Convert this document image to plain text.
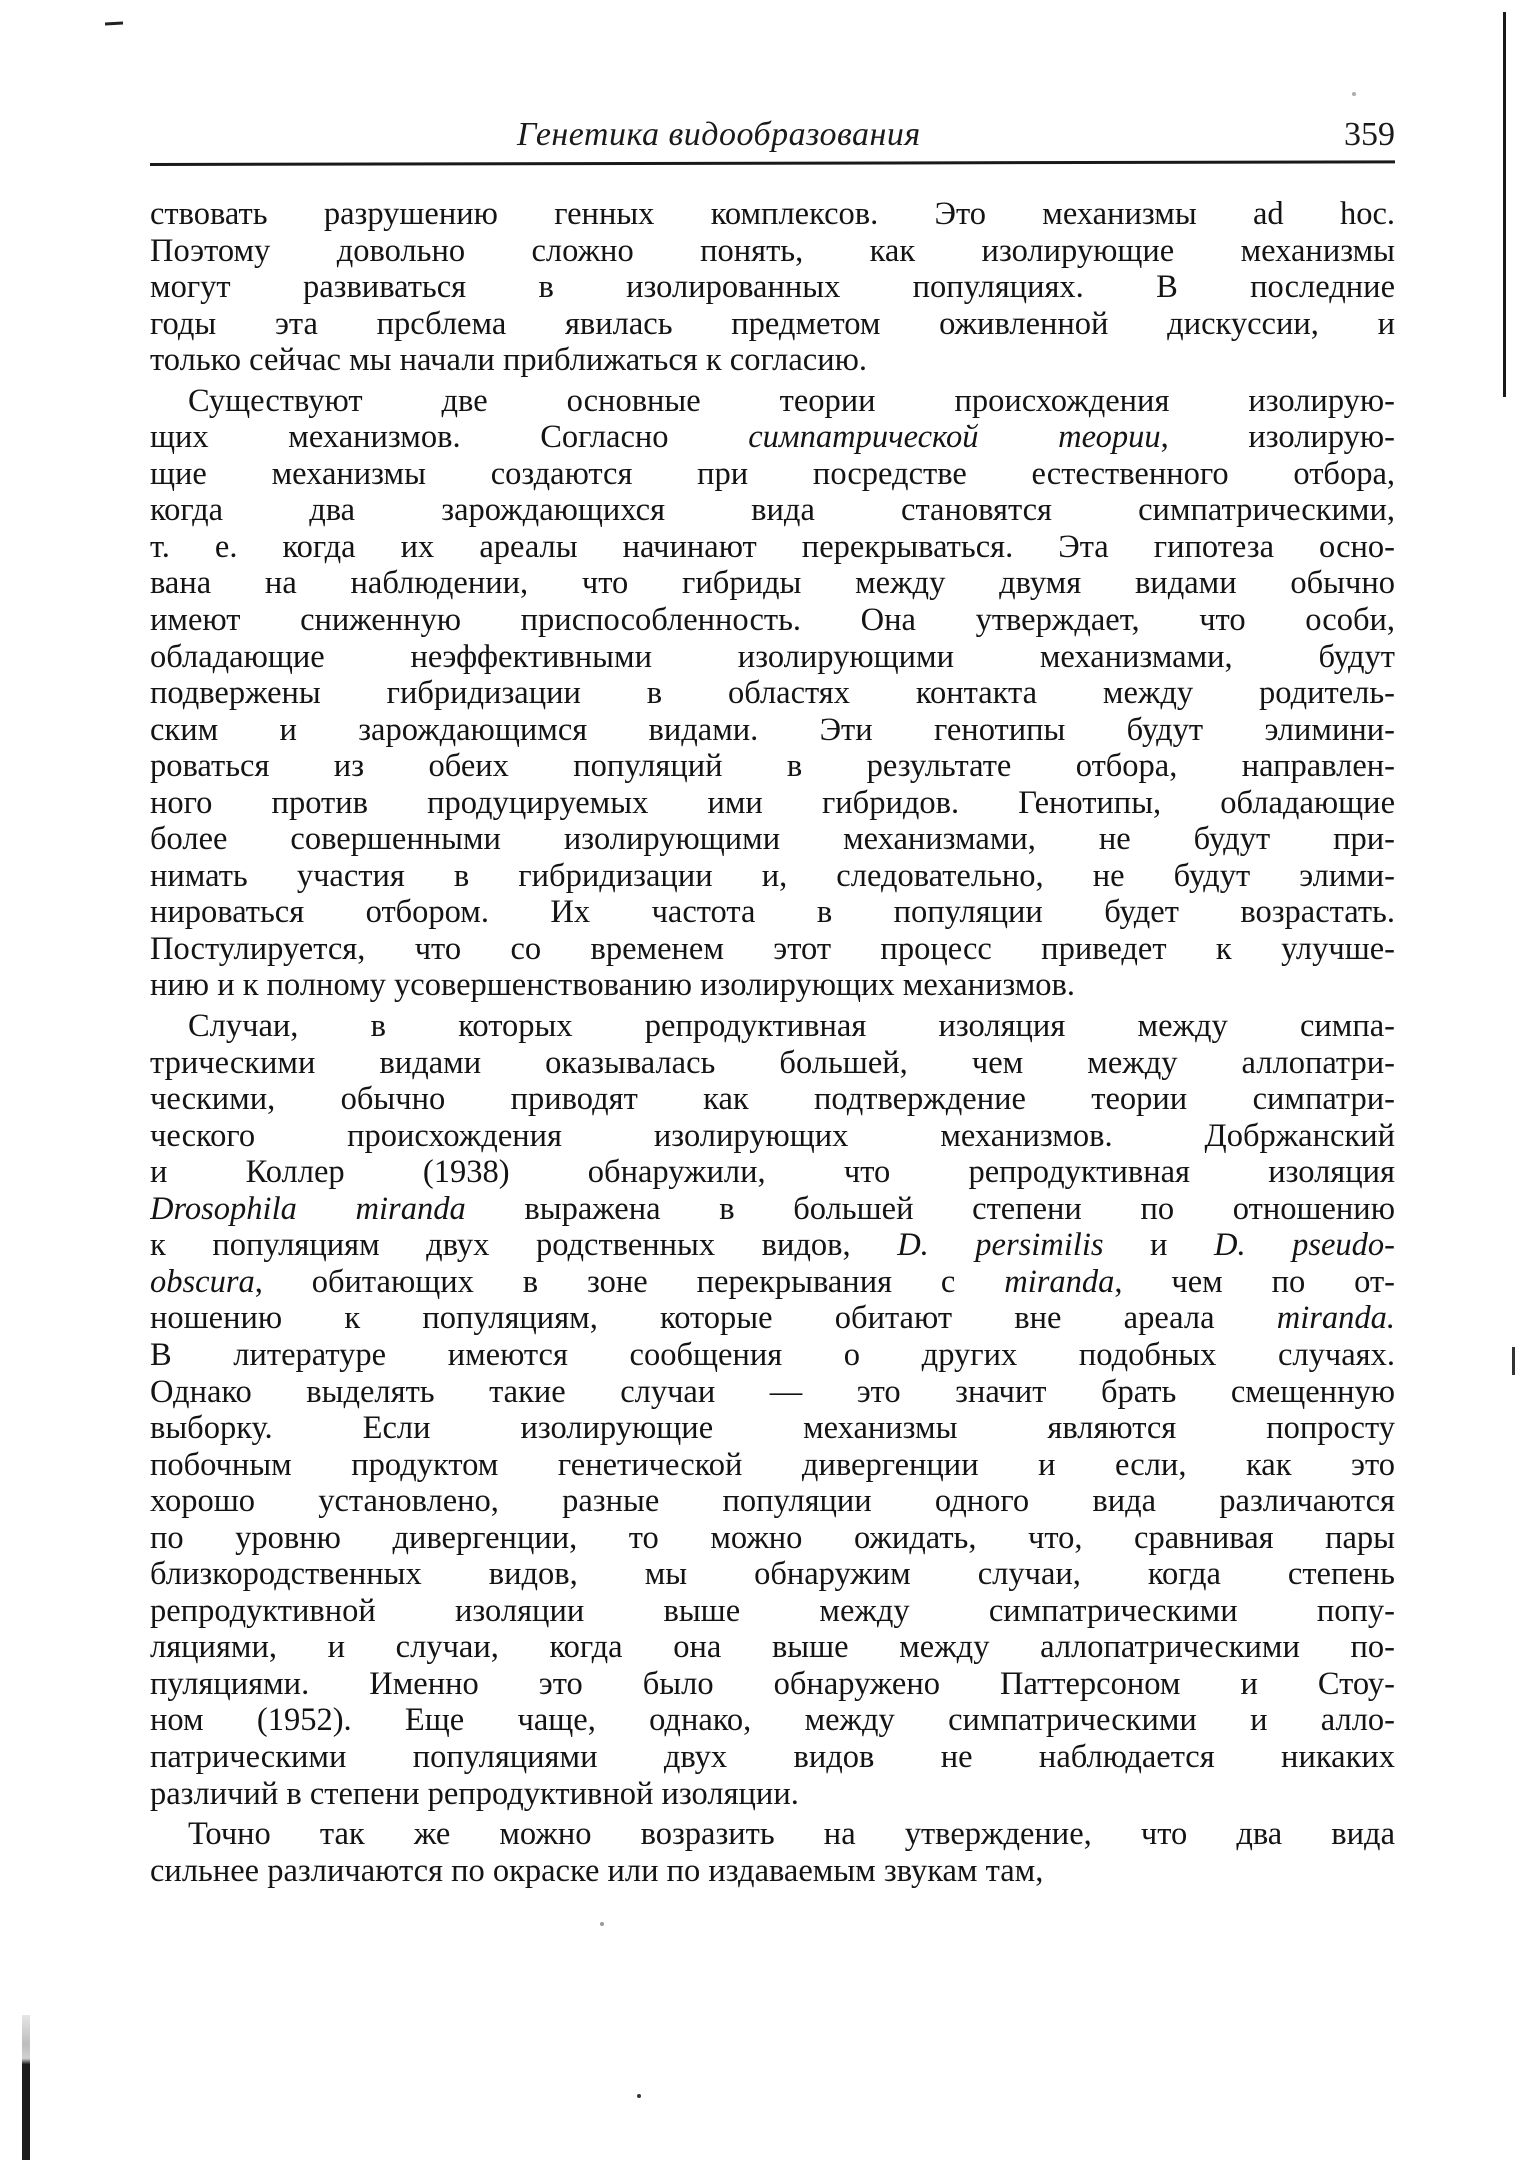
Генетика видообразования	359
ствовать разрушению генных комплексов. Это механизмы ad hoc.
Поэтому довольно сложно понять, как изолирующие механизмы
могут развиваться в изолированных популяциях. В последние
годы эта прсблема явилась предметом оживленной дискуссии, и
только сейчас мы начали приближаться к согласию.
Существуют две основные теории происхождения изолирую-
щих механизмов. Согласно симпатрической теории, изолирую-
щие механизмы создаются при посредстве естественного отбора,
когда два зарождающихся вида становятся симпатрическими,
т. е. когда их ареалы начинают перекрываться. Эта гипотеза осно-
вана на наблюдении, что гибриды между двумя видами обычно
имеют сниженную приспособленность. Она утверждает, что особи,
обладающие неэффективными изолирующими механизмами, будут
подвержены гибридизации в областях контакта между родитель-
ским и зарождающимся видами. Эти генотипы будут элимини-
роваться из обеих популяций в результате отбора, направлен-
ного против продуцируемых ими гибридов. Генотипы, обладающие
более совершенными изолирующими механизмами, не будут при-
нимать участия в гибридизации и, следовательно, не будут элими-
нироваться отбором. Их частота в популяции будет возрастать.
Постулируется, что со временем этот процесс приведет к улучше-
нию и к полному усовершенствованию изолирующих механизмов.
Случаи, в которых репродуктивная изоляция между симпа-
трическими видами оказывалась большей, чем между аллопатри-
ческими, обычно приводят как подтверждение теории симпатри-
ческого происхождения изолирующих механизмов. Добржанский
и Коллер (1938) обнаружили, что репродуктивная изоляция
Drosophila miranda выражена в большей степени по отношению
к популяциям двух родственных видов, D. persimilis и D. pseudo-
obscura, обитающих в зоне перекрывания с miranda, чем по от-
ношению к популяциям, которые обитают вне ареала miranda.
В литературе имеются сообщения о других подобных случаях.
Однако выделять такие случаи — это значит брать смещенную
выборку. Если изолирующие механизмы являются попросту
побочным продуктом генетической дивергенции и если, как это
хорошо установлено, разные популяции одного вида различаются
по уровню дивергенции, то можно ожидать, что, сравнивая пары
близкородственных видов, мы обнаружим случаи, когда степень
репродуктивной изоляции выше между симпатрическими попу-
ляциями, и случаи, когда она выше между аллопатрическими по-
пуляциями. Именно это было обнаружено Паттерсоном и Стоу-
ном (1952). Еще чаще, однако, между симпатрическими и алло-
патрическими популяциями двух видов не наблюдается никаких
различий в степени репродуктивной изоляции.
Точно так же можно возразить на утверждение, что два вида
сильнее различаются по окраске или по издаваемым звукам там,
